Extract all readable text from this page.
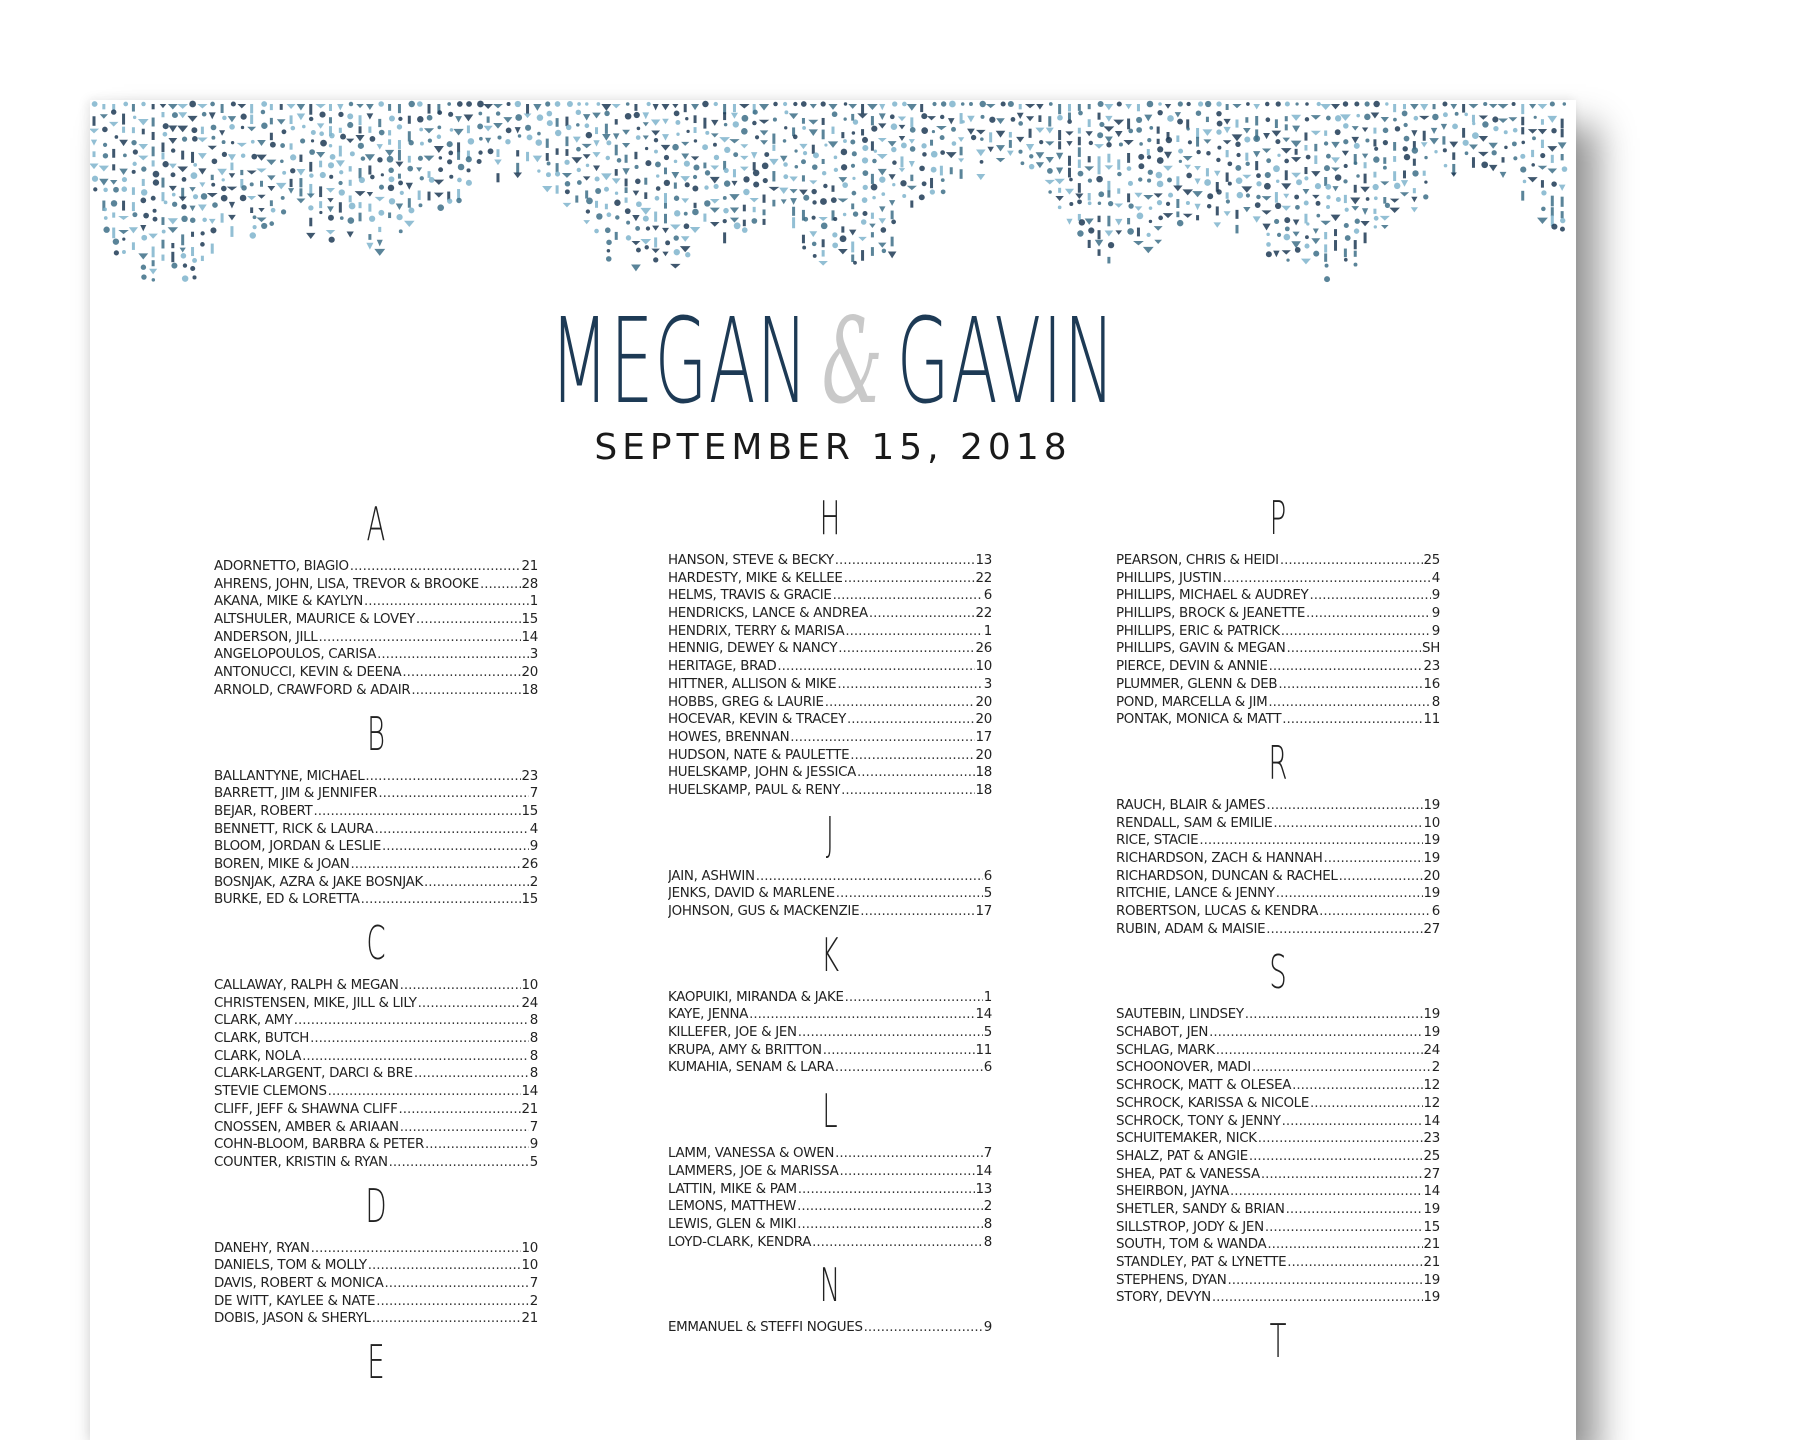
MEGAN & GAVIN
SEPTEMBER 15, 2018
A
ADORNETTO, BIAGIO .....	21
AHRENS, JOHN, LISA, TREVOR & BROOKE .....	28
AKANA, MIKE & KAYLYN .....	1
ALTSHULER, MAURICE & LOVEY .....	15
ANDERSON, JILL .....	14
ANGELOPOULOS, CARISA .....	3
ANTONUCCI, KEVIN & DEENA .....	20
ARNOLD, CRAWFORD & ADAIR .....	18
B
BALLANTYNE, MICHAEL .....	23
BARRETT, JIM & JENNIFER .....	7
BEJAR, ROBERT .....	15
BENNETT, RICK & LAURA .....	4
BLOOM, JORDAN & LESLIE .....	9
BOREN, MIKE & JOAN .....	26
BOSNJAK, AZRA & JAKE BOSNJAK .....	2
BURKE, ED & LORETTA .....	15
C
CALLAWAY, RALPH & MEGAN .....	10
CHRISTENSEN, MIKE, JILL & LILY .....	24
CLARK, AMY .....	8
CLARK, BUTCH .....	8
CLARK, NOLA .....	8
CLARK-LARGENT, DARCI & BRE .....	8
STEVIE CLEMONS .....	14
CLIFF, JEFF & SHAWNA CLIFF .....	21
CNOSSEN, AMBER & ARIAAN .....	7
COHN-BLOOM, BARBRA & PETER .....	9
COUNTER, KRISTIN & RYAN .....	5
D
DANEHY, RYAN .....	10
DANIELS, TOM & MOLLY .....	10
DAVIS, ROBERT & MONICA .....	7
DE WITT, KAYLEE & NATE .....	2
DOBIS, JASON & SHERYL .....	21
E
H
HANSON, STEVE & BECKY .....	13
HARDESTY, MIKE & KELLEE .....	22
HELMS, TRAVIS & GRACIE .....	6
HENDRICKS, LANCE & ANDREA .....	22
HENDRIX, TERRY & MARISA .....	1
HENNIG, DEWEY & NANCY .....	26
HERITAGE, BRAD .....	10
HITTNER, ALLISON & MIKE .....	3
HOBBS, GREG & LAURIE .....	20
HOCEVAR, KEVIN & TRACEY .....	20
HOWES, BRENNAN .....	17
HUDSON, NATE & PAULETTE .....	20
HUELSKAMP, JOHN & JESSICA .....	18
HUELSKAMP, PAUL & RENY .....	18
J
JAIN, ASHWIN .....	6
JENKS, DAVID & MARLENE .....	5
JOHNSON, GUS & MACKENZIE .....	17
K
KAOPUIKI, MIRANDA & JAKE .....	1
KAYE, JENNA .....	14
KILLEFER, JOE & JEN .....	5
KRUPA, AMY & BRITTON .....	11
KUMAHIA, SENAM & LARA .....	6
L
LAMM, VANESSA & OWEN .....	7
LAMMERS, JOE & MARISSA .....	14
LATTIN, MIKE & PAM .....	13
LEMONS, MATTHEW .....	2
LEWIS, GLEN & MIKI .....	8
LOYD-CLARK, KENDRA .....	8
N
EMMANUEL & STEFFI NOGUES .....	9
P
PEARSON, CHRIS & HEIDI .....	25
PHILLIPS, JUSTIN .....	4
PHILLIPS, MICHAEL & AUDREY .....	9
PHILLIPS, BROCK & JEANETTE .....	9
PHILLIPS, ERIC & PATRICK .....	9
PHILLIPS, GAVIN & MEGAN .....	SH
PIERCE, DEVIN & ANNIE .....	23
PLUMMER, GLENN & DEB .....	16
POND, MARCELLA & JIM .....	8
PONTAK, MONICA & MATT .....	11
R
RAUCH, BLAIR & JAMES .....	19
RENDALL, SAM & EMILIE .....	10
RICE, STACIE .....	19
RICHARDSON, ZACH & HANNAH .....	19
RICHARDSON, DUNCAN & RACHEL .....	20
RITCHIE, LANCE & JENNY .....	19
ROBERTSON, LUCAS & KENDRA .....	6
RUBIN, ADAM & MAISIE .....	27
S
SAUTEBIN, LINDSEY .....	19
SCHABOT, JEN .....	19
SCHLAG, MARK .....	24
SCHOONOVER, MADI .....	2
SCHROCK, MATT & OLESEA .....	12
SCHROCK, KARISSA & NICOLE .....	12
SCHROCK, TONY & JENNY .....	14
SCHUITEMAKER, NICK .....	23
SHALZ, PAT & ANGIE .....	25
SHEA, PAT & VANESSA .....	27
SHEIRBON, JAYNA .....	14
SHETLER, SANDY & BRIAN .....	19
SILLSTROP, JODY & JEN .....	15
SOUTH, TOM & WANDA .....	21
STANDLEY, PAT & LYNETTE .....	21
STEPHENS, DYAN .....	19
STORY, DEVYN .....	19
T
